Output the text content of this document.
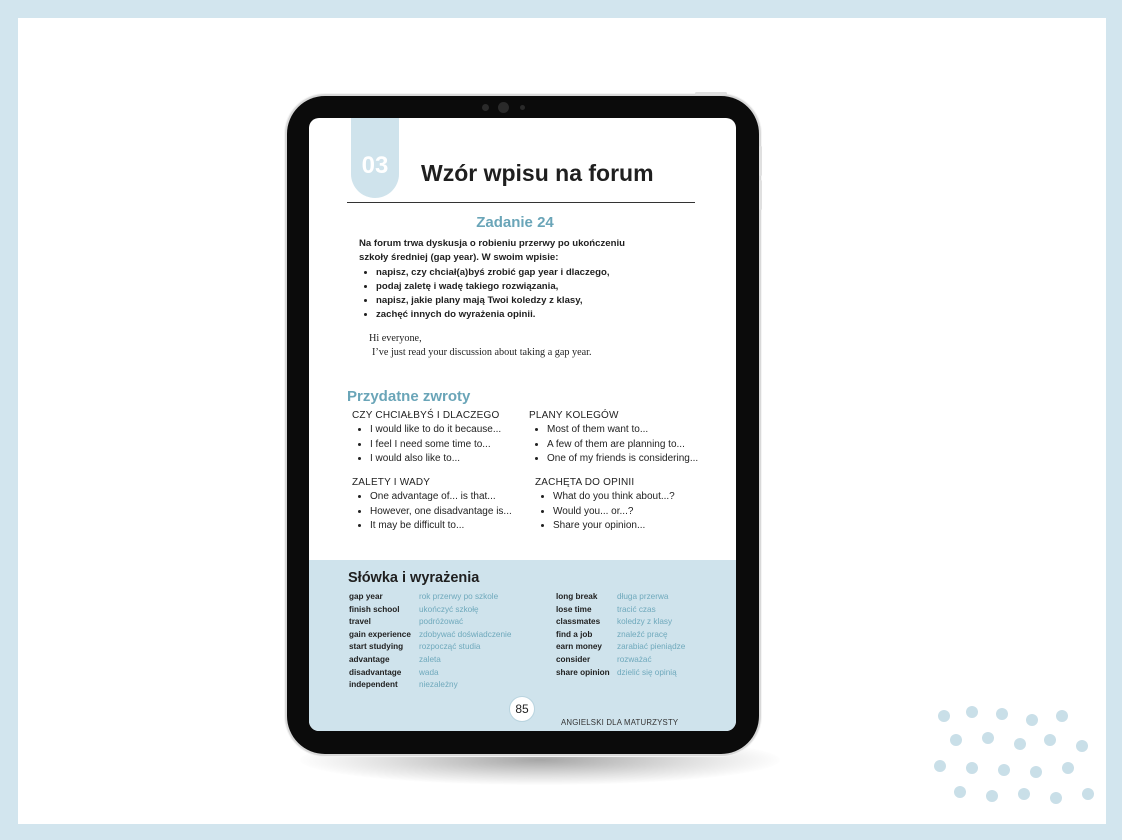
03	Wzór wpisu na forum
Zadanie 24

Na forum trwa dyskusja o robieniu przerwy po ukończeniu

szkoły średniej (gap year). W swoim wpisie:

• napisz, czy chciał(a)byś zrobić gap year i dlaczego,
• podaj zaletę i wadę takiego rozwiązania,
• napisz, jakie plany mają Twoi koledzy z klasy,
• zachęć innych do wyrażenia opinii.
Hi everyone,
I’ve just read your discussion about taking a gap year.
Przydatne zwroty
CZY CHCIAŁBYŚ I DLACZEGO
• I would like to do it because...
• I feel I need some time to...
• I would also like to...
PLANY KOLEGÓW
• Most of them want to...
• A few of them are planning to...
• One of my friends is considering...
ZALETY I WADY
• One advantage of... is that...
• However, one disadvantage is...
• It may be difficult to...
ZACHĘTA DO OPINII
• What do you think about...?
• Would you... or...?
• Share your opinion...
Słówka i wyrażenia
gap year	rok przerwy po szkole
finish school ukończyć szkołę
travel	podróżować
gain experience zdobywać doświadczenie
start studying rozpocząć studia
advantage	zaleta
disadvantage wada
independent	niezależny
long break długa przerwa
lose time	tracić czas
classmates koledzy z klasy
find a job	znaleźć pracę
earn money zarabiać pieniądze
consider	rozważać
share opinion dzielić się opinią
85
ANGIELSKI DLA MATURZYSTY
